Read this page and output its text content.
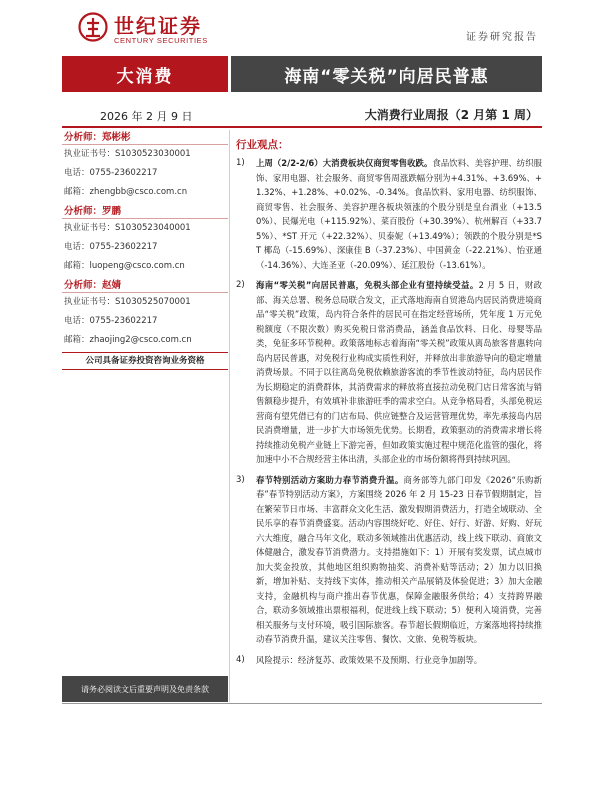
世纪证券
CENTURY SECURITIES	证券研究报告
大消费	海南“零关税”向居民普惠
2026 年 2 月 9 日	大消费行业周报（2 月第 1 周）
分析师：郑彬彬
执业证书号：S1030523030001
电话：0755-23602217
邮箱：zhengbb@csco.com.cn
分析师：罗鹏
执业证书号：S1030523040001
电话：0755-23602217
邮箱：luopeng@csco.com.cn
分析师：赵婧
执业证书号：S1030525070001
电话：0755-23602217
邮箱：zhaojing2@csco.com.cn
公司具备证券投资咨询业务资格
请务必阅读文后重要声明及免责条款
行业观点：
1) 上周（2/2-2/6）大消费板块仅商贸零售收跌。食品饮料、美容护理、纺织服饰、家用电器、社会服务、商贸零售周涨跌幅分别为+4.31%、+3.69%、+1.32%、+1.28%、+0.02%、-0.34%。食品饮料、家用电器、纺织服饰、商贸零售、社会服务、美容护理各板块领涨的个股分别是皇台酒业（+13.50%）、民爆光电（+115.92%）、菜百股份（+30.39%）、杭州解百（+33.75%）、*ST 开元（+22.32%）、贝泰妮（+13.49%）；领跌的个股分别是*ST 椰岛（-15.69%）、深康佳 B（-37.23%）、中国黄金（-22.21%）、怡亚通（-14.36%）、大连圣亚（-20.09%）、延江股份（-13.61%）。
2) 海南“零关税”向居民普惠，免税头部企业有望持续受益。2 月 5 日，财政部、海关总署、税务总局联合发文，正式落地海南自贸港岛内居民消费进境商品“零关税”政策，岛内符合条件的居民可在指定经营场所，凭年度 1 万元免税额度（不限次数）购买免税日常消费品，涵盖食品饮料、日化、母婴等品类，免征多环节税种。政策落地标志着海南“零关税”政策从离岛旅客普惠转向岛内居民普惠，对免税行业构成实质性利好，并释放出非旅游导向的稳定增量消费场景。不同于以往离岛免税依赖旅游客流的季节性波动特征，岛内居民作为长期稳定的消费群体，其消费需求的释放将直接拉动免税门店日常客流与销售额稳步提升，有效填补非旅游旺季的需求空白。从竞争格局看，头部免税运营商有望凭借已有的门店布局、供应链整合及运营管理优势，率先承接岛内居民消费增量，进一步扩大市场领先优势。长期看，政策驱动的消费需求增长将持续推动免税产业链上下游完善，但如政策实施过程中规范化监管的强化，将加速中小不合规经营主体出清，头部企业的市场份额将得到持续巩固。
3) 春节特别活动方案助力春节消费升温。商务部等九部门印发《2026“乐购新春”春节特别活动方案》，方案围绕 2026 年 2 月 15-23 日春节假期制定，旨在繁荣节日市场、丰富群众文化生活、激发假期消费活力，打造全域联动、全民乐享的春节消费盛宴。活动内容围绕好吃、好住、好行、好游、好购、好玩六大维度，融合马年文化，联动多领域推出优惠活动，线上线下联动、商旅文体健融合，激发春节消费潜力。支持措施如下：1）开展有奖发票，试点城市加大奖金投放，其他地区组织购物抽奖、消费补贴等活动；2）加力以旧换新，增加补贴、支持线下实体，推动相关产品展销及体验促进；3）加大金融支持，金融机构与商户推出春节优惠，保障金融服务供给；4）支持跨界融合，联动多领域推出票根福利，促进线上线下联动；5）便利入境消费，完善相关服务与支付环境，吸引国际旅客。春节超长假期临近，方案落地将持续推动春节消费升温，建议关注零售、餐饮、文旅、免税等板块。
4) 风险提示：经济复苏、政策效果不及预期、行业竞争加剧等。
